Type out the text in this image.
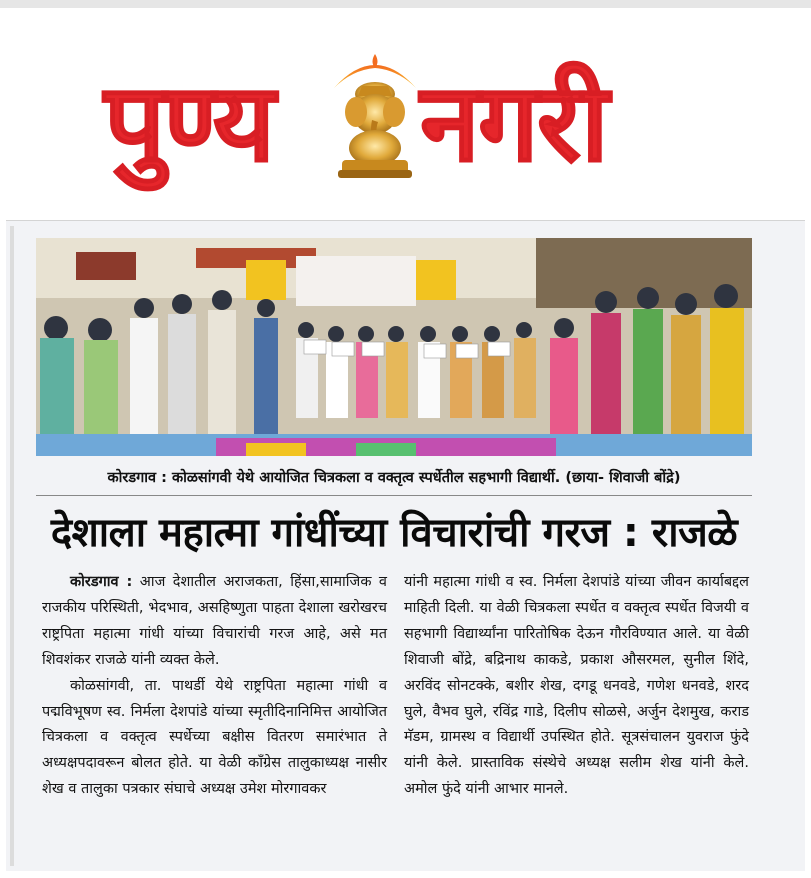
पुण्य नगरी
कोरडगाव : कोळसांगवी येथे आयोजित चित्रकला व वक्तृत्व स्पर्धेतील सहभागी विद्यार्थी. (छाया- शिवाजी बोंद्रे)
देशाला महात्मा गांधींच्या विचारांची गरज : राजळे

कोरडगाव : आज देशातील अराजकता, हिंसा,सामाजिक व राजकीय परिस्थिती, भेदभाव, असहिष्णुता पाहता देशाला खरोखरच राष्ट्रपिता महात्मा गांधी यांच्या विचारांची गरज आहे, असे मत शिवशंकर राजळे यांनी व्यक्त केले.

कोळसांगवी, ता. पाथर्डी येथे राष्ट्रपिता महात्मा गांधी व पद्मविभूषण स्व. निर्मला देशपांडे यांच्या स्मृतीदिनानिमित्त आयोजित चित्रकला व वक्तृत्व स्पर्धेच्या बक्षीस वितरण समारंभात ते अध्यक्षपदावरून बोलत होते. या वेळी काँग्रेस तालुकाध्यक्ष नासीर शेख व तालुका पत्रकार संघाचे अध्यक्ष उमेश मोरगावकर

यांनी महात्मा गांधी व स्व. निर्मला देशपांडे यांच्या जीवन कार्याबद्दल माहिती दिली. या वेळी चित्रकला स्पर्धेत व वक्तृत्व स्पर्धेत विजयी व सहभागी विद्यार्थ्यांना पारितोषिक देऊन गौरविण्यात आले. या वेळी शिवाजी बोंद्रे, बद्रिनाथ काकडे, प्रकाश औसरमल, सुनील शिंदे, अरविंद सोनटक्के, बशीर शेख, दगडू धनवडे, गणेश धनवडे, शरद घुले, वैभव घुले, रविंद्र गाडे, दिलीप सोळसे, अर्जुन देशमुख, कराड मॅडम, ग्रामस्थ व विद्यार्थी उपस्थित होते. सूत्रसंचालन युवराज फुंदे यांनी केले. प्रास्ताविक संस्थेचे अध्यक्ष सलीम शेख यांनी केले. अमोल फुंदे यांनी आभार मानले.
